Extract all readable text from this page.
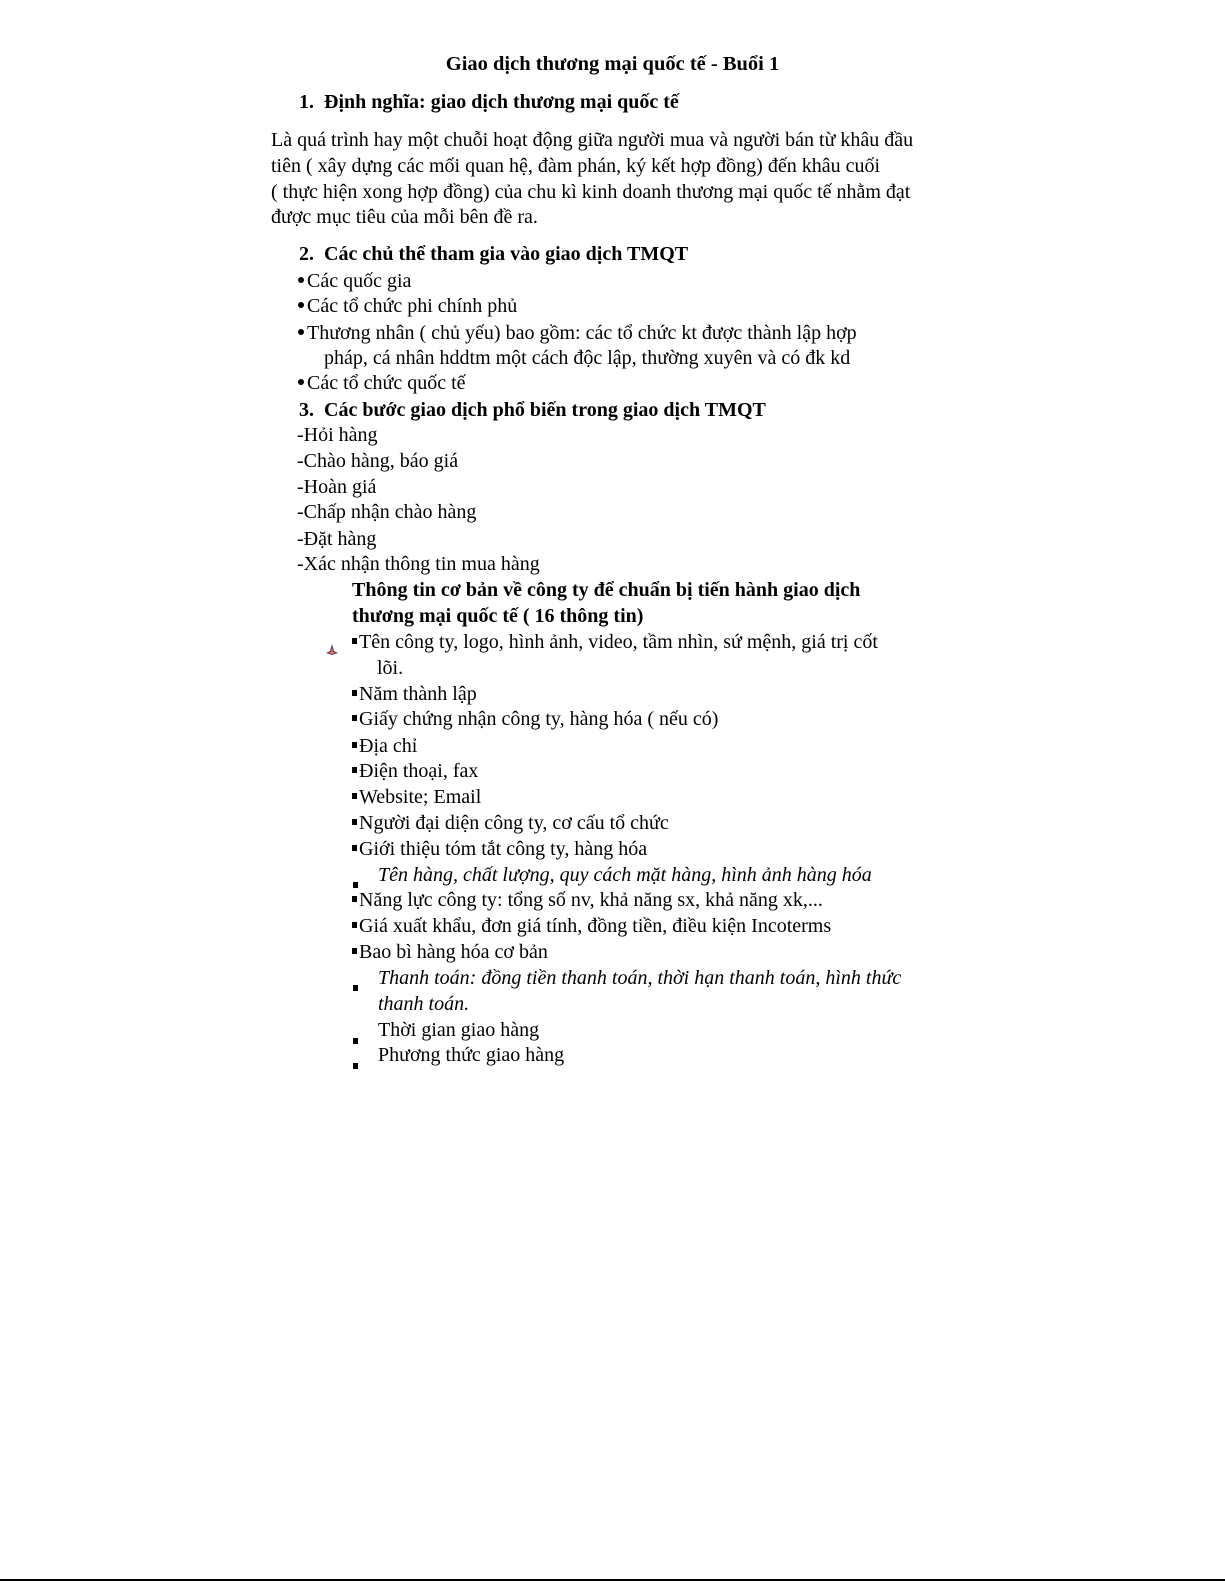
Giao dịch thương mại quốc tế - Buổi 1
1. Định nghĩa: giao dịch thương mại quốc tế
Là quá trình hay một chuỗi hoạt động giữa người mua và người bán từ khâu đầu
tiên ( xây dựng các mối quan hệ, đàm phán, ký kết hợp đồng) đến khâu cuối
( thực hiện xong hợp đồng) của chu kì kinh doanh thương mại quốc tế nhằm đạt
được mục tiêu của mỗi bên đề ra.
2. Các chủ thể tham gia vào giao dịch TMQT
Các quốc gia
Các tổ chức phi chính phủ
Thương nhân ( chủ yếu) bao gồm: các tổ chức kt được thành lập hợp
pháp, cá nhân hddtm một cách độc lập, thường xuyên và có đk kd
Các tổ chức quốc tế
3. Các bước giao dịch phổ biến trong giao dịch TMQT
-Hỏi hàng
-Chào hàng, báo giá
-Hoàn giá
-Chấp nhận chào hàng
-Đặt hàng
-Xác nhận thông tin mua hàng
Thông tin cơ bản về công ty để chuẩn bị tiến hành giao dịch
thương mại quốc tế ( 16 thông tin)
Tên công ty, logo, hình ảnh, video, tầm nhìn, sứ mệnh, giá trị cốt
lõi.
Năm thành lập
Giấy chứng nhận công ty, hàng hóa ( nếu có)
Địa chỉ
Điện thoại, fax
Website; Email
Người đại diện công ty, cơ cấu tổ chức
Giới thiệu tóm tắt công ty, hàng hóa
Tên hàng, chất lượng, quy cách mặt hàng, hình ảnh hàng hóa
Năng lực công ty: tổng số nv, khả năng sx, khả năng xk,...
Giá xuất khẩu, đơn giá tính, đồng tiền, điều kiện Incoterms
Bao bì hàng hóa cơ bản
Thanh toán: đồng tiền thanh toán, thời hạn thanh toán, hình thức
thanh toán.
Thời gian giao hàng
Phương thức giao hàng
